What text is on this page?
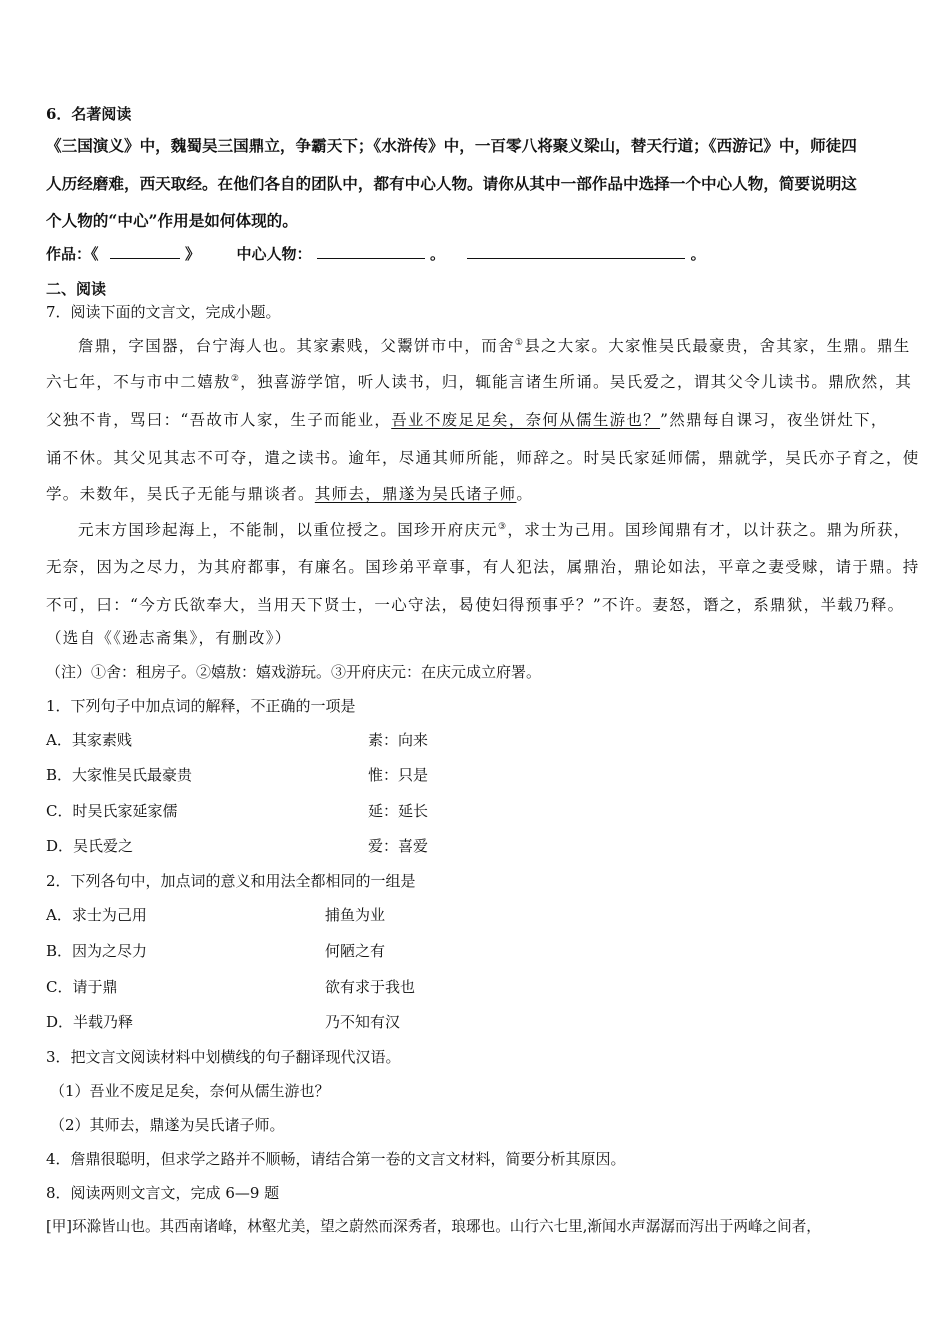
6．名著阅读
《三国演义》中，魏蜀吴三国鼎立，争霸天下；《水浒传》中，一百零八将聚义梁山，替天行道；《西游记》中，师徒四
人历经磨难，西天取经。在他们各自的团队中，都有中心人物。请你从其中一部作品中选择一个中心人物，简要说明这
个人物的“中心”作用是如何体现的。
作品：《	》 中心人物：	。	。
二、阅读
7．阅读下面的文言文，完成小题。
詹鼎，字国器，台宁海人也。其家素贱，父鬻饼市中，而舍①县之大家。大家惟吴氏最豪贵，舍其家，生鼎。鼎生
六七年，不与市中二嬉敖②，独喜游学馆，听人读书，归，辄能言诸生所诵。吴氏爱之，谓其父令儿读书。鼎欣然，其
父独不肯，骂曰：“吾故市人家，生子而能业，吾业不废足足矣，奈何从儒生游也？”然鼎每自课习，夜坐饼灶下，
诵不休。其父见其志不可夺，遣之读书。逾年，尽通其师所能，师辞之。时吴氏家延师儒，鼎就学，吴氏亦子育之，使
学。未数年，吴氏子无能与鼎谈者。其师去，鼎遂为吴氏诸子师。
元末方国珍起海上，不能制，以重位授之。国珍开府庆元③，求士为己用。国珍闻鼎有才，以计获之。鼎为所获，
无奈，因为之尽力，为其府都事，有廉名。国珍弟平章事，有人犯法，属鼎治，鼎论如法，平章之妻受赇，请于鼎。持
不可，曰：“今方氏欲奉大，当用天下贤士，一心守法，曷使妇得预事乎？”不许。妻怒，谮之，系鼎狱，半载乃释。
（选自《《逊志斋集》，有删改》）
（注）①舍：租房子。②嬉敖：嬉戏游玩。③开府庆元：在庆元成立府署。
1．下列句子中加点词的解释，不正确的一项是
A．其家素贱	素：向来
B．大家惟吴氏最豪贵	惟：只是
C．时吴氏家延家儒	延：延长
D．吴氏爱之	爱：喜爱
2．下列各句中，加点词的意义和用法全都相同的一组是
A．求士为己用	捕鱼为业
B．因为之尽力	何陋之有
C．请于鼎	欲有求于我也
D．半载乃释	乃不知有汉
3．把文言文阅读材料中划横线的句子翻译现代汉语。
（1）吾业不废足足矣，奈何从儒生游也？
（2）其师去，鼎遂为吴氏诸子师。
4．詹鼎很聪明，但求学之路并不顺畅，请结合第一卷的文言文材料，简要分析其原因。
8．阅读两则文言文，完成 6—9 题
[甲]环滁皆山也。其西南诸峰，林壑尤美，望之蔚然而深秀者，琅琊也。山行六七里,渐闻水声潺潺而泻出于两峰之间者，
